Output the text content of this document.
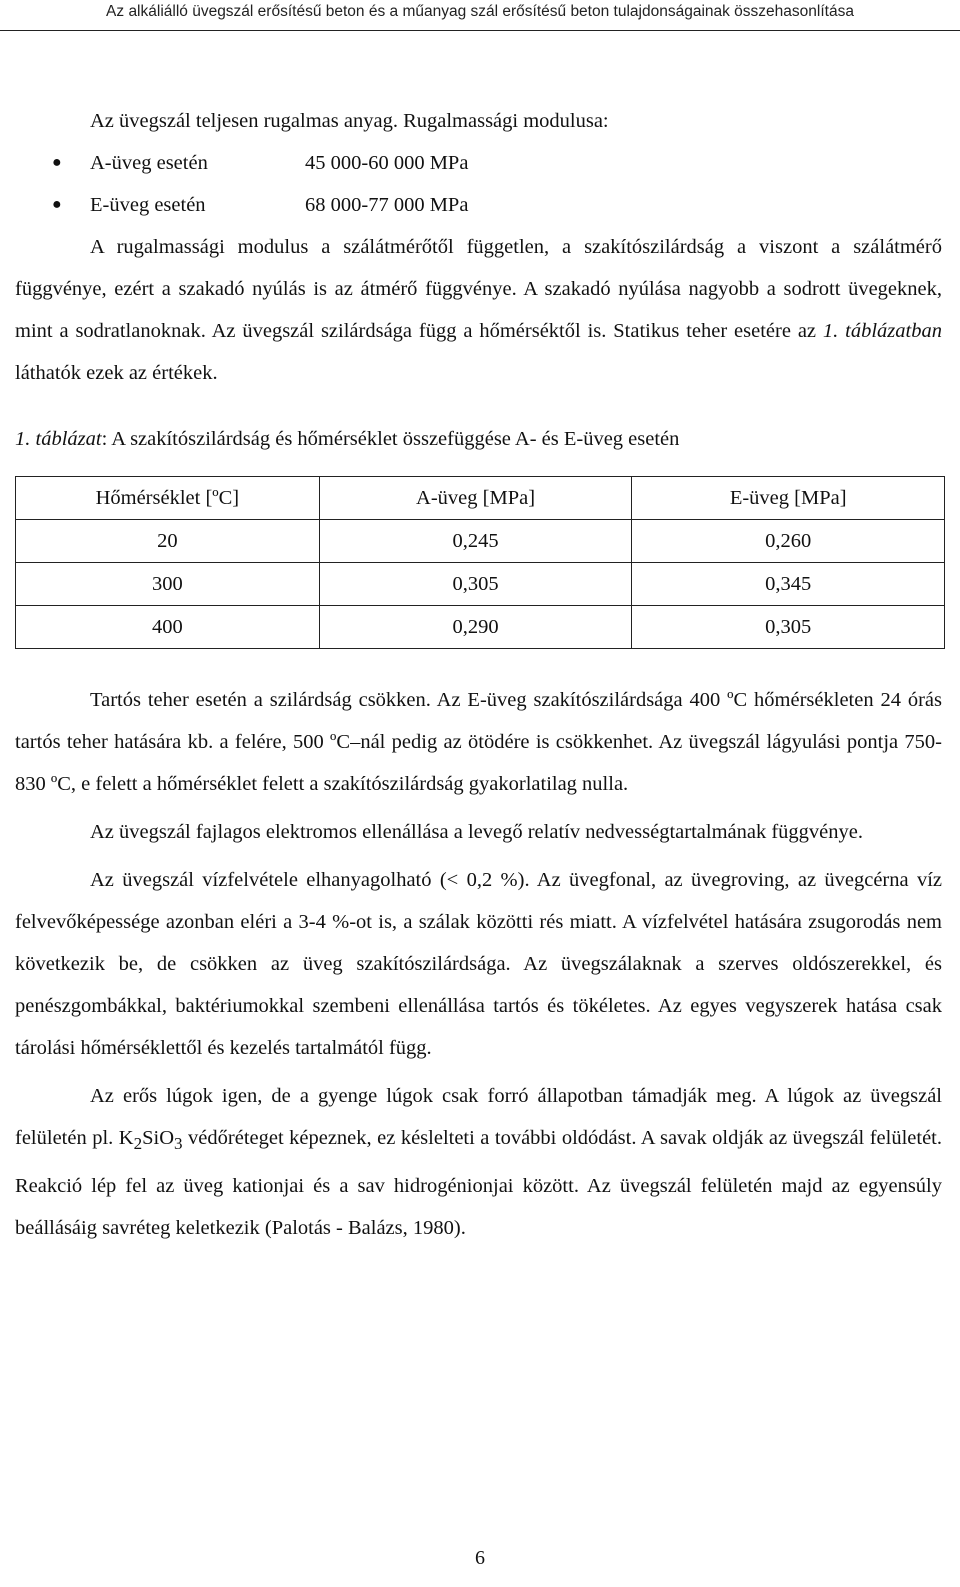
Az alkáliálló üvegszál erősítésű beton és a műanyag szál erősítésű beton tulajdonságainak összehasonlítása

Az üvegszál teljesen rugalmas anyag. Rugalmassági modulusa:

●	A-üveg esetén	45 000-60 000 MPa
●	E-üveg esetén	68 000-77 000 MPa

A rugalmassági modulus a szálátmérőtől független, a szakítószilárdság a viszont a szálátmérő függvénye, ezért a szakadó nyúlás is az átmérő függvénye. A szakadó nyúlása nagyobb a sodrott üvegeknek, mint a sodratlanoknak. Az üvegszál szilárdsága függ a hőmérséktől is. Statikus teher esetére az 1. táblázatban láthatók ezek az értékek.

1. táblázat: A szakítószilárdság és hőmérséklet összefüggése A- és E-üveg esetén

Hőmérséklet [ºC]	A-üveg [MPa]	E-üveg [MPa]
20	0,245	0,260
300	0,305	0,345
400	0,290	0,305

Tartós teher esetén a szilárdság csökken. Az E-üveg szakítószilárdsága 400 ºC hőmérsékleten 24 órás tartós teher hatására kb. a felére, 500 ºC–nál pedig az ötödére is csökkenhet. Az üvegszál lágyulási pontja 750-830 ºC, e felett a hőmérséklet felett a szakítószilárdság gyakorlatilag nulla.

Az üvegszál fajlagos elektromos ellenállása a levegő relatív nedvességtartalmának függvénye.

Az üvegszál vízfelvétele elhanyagolható (< 0,2 %). Az üvegfonal, az üvegroving, az üvegcérna víz felvevőképessége azonban eléri a 3-4 %-ot is, a szálak közötti rés miatt. A vízfelvétel hatására zsugorodás nem következik be, de csökken az üveg szakítószilárdsága. Az üvegszálaknak a szerves oldószerekkel, és penészgombákkal, baktériumokkal szembeni ellenállása tartós és tökéletes. Az egyes vegyszerek hatása csak tárolási hőmérséklettől és kezelés tartalmától függ.

Az erős lúgok igen, de a gyenge lúgok csak forró állapotban támadják meg. A lúgok az üvegszál felületén pl. $K_2SiO_3$ védőréteget képeznek, ez késlelteti a további oldódást. A savak oldják az üvegszál felületét. Reakció lép fel az üveg kationjai és a sav hidrogénionjai között. Az üvegszál felületén majd az egyensúly beállásáig savréteg keletkezik (Palotás - Balázs, 1980).

6
